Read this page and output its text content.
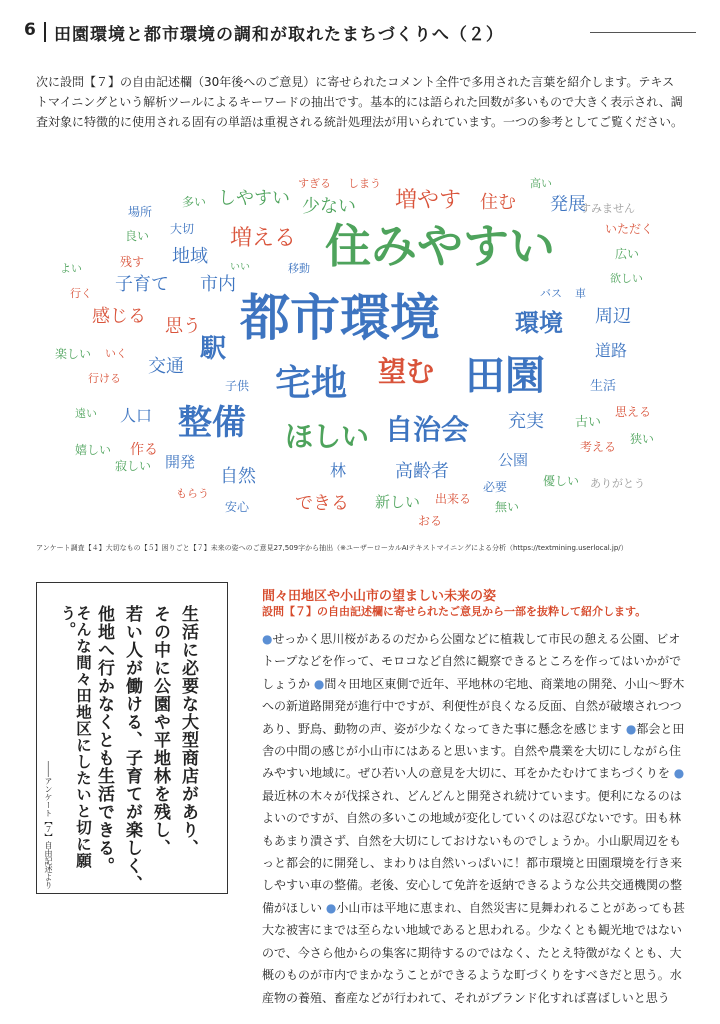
6 田園環境と都市環境の調和が取れたまちづくりへ（２）
次に設問【７】の自由記述欄（30年後へのご意見）に寄せられたコメント全件で多用された言葉を紹介します。テキストマイニングという解析ツールによるキーワードの抽出です。基本的には語られた回数が多いもので大きく表示され、調査対象に特徴的に使用される固有の単語は重視される統計処理法が用いられています。一つの参考としてご覧ください。
都市環境
住みやすい
田園
宅地
整備 ほしい 自治会
望む
駅
環境
増える
増やす 住む 発展
少ない
しやすい
子育て 市内
地域
思う
感じる
交通
周辺
道路
充実
高齢者
自然	林
できる
人口
公園
新しい
必要	優しい
古い
生活
開発
作る
安心	無い
出来る
おる
もらう
寂しい
嬉しい
遠い
行ける
楽しい いく
子供
行く
よい
良い
残す
場所
多い
大切
いい	移動
すぎる しまう	高い
すみません
いただく
広い
欲しい
バス 車
思える
狭い
考える
ありがとう
アンケート調査【４】大切なもの【５】困りごと【７】未来の姿へのご意見27,509字から抽出（※ユーザーローカルAIテキストマイニングによる分析（https://textmining.userlocal.jp/）
生活に必要な大型商店があり、
その中に公園や平地林を残し、
若い人が働ける、子育てが楽しく、
他地へ行かなくとも生活できる。
そんな間々田地区にしたいと切に願う。
――アンケート【７】自由記述より
間々田地区や小山市の望ましい未来の姿
設問【７】の自由記述欄に寄せられたご意見から一部を抜粋して紹介します。
●せっかく思川桜があるのだから公園などに植栽して市民の憩える公園、ビオトープなどを作って、モロコなど自然に観察できるところを作ってはいかがでしょうか ●間々田地区東側で近年、平地林の宅地、商業地の開発、小山～野木への新道路開発が進行中ですが、利便性が良くなる反面、自然が破壊されつつあり、野鳥、動物の声、姿が少なくなってきた事に懸念を感じます ●都会と田舎の中間の感じが小山市にはあると思います。自然や農業を大切にしながら住みやすい地域に。ぜひ若い人の意見を大切に、耳をかたむけてまちづくりを ●最近林の木々が伐採され、どんどんと開発され続けています。便利になるのはよいのですが、自然の多いこの地域が変化していくのは忍びないです。田も林もあまり潰さず、自然を大切にしておけないものでしょうか。小山駅周辺をもっと都会的に開発し、まわりは自然いっぱいに！都市環境と田園環境を行き来しやすい車の整備。老後、安心して免許を返納できるような公共交通機関の整備がほしい ●小山市は平地に恵まれ、自然災害に見舞われることがあっても甚大な被害にまでは至らない地域であると思われる。少なくとも観光地ではないので、今さら他からの集客に期待するのではなく、たとえ特徴がなくとも、大概のものが市内でまかなうことができるような町づくりをすべきだと思う。水産物の養殖、畜産などが行われて、それがブランド化すれば喜ばしいと思う
